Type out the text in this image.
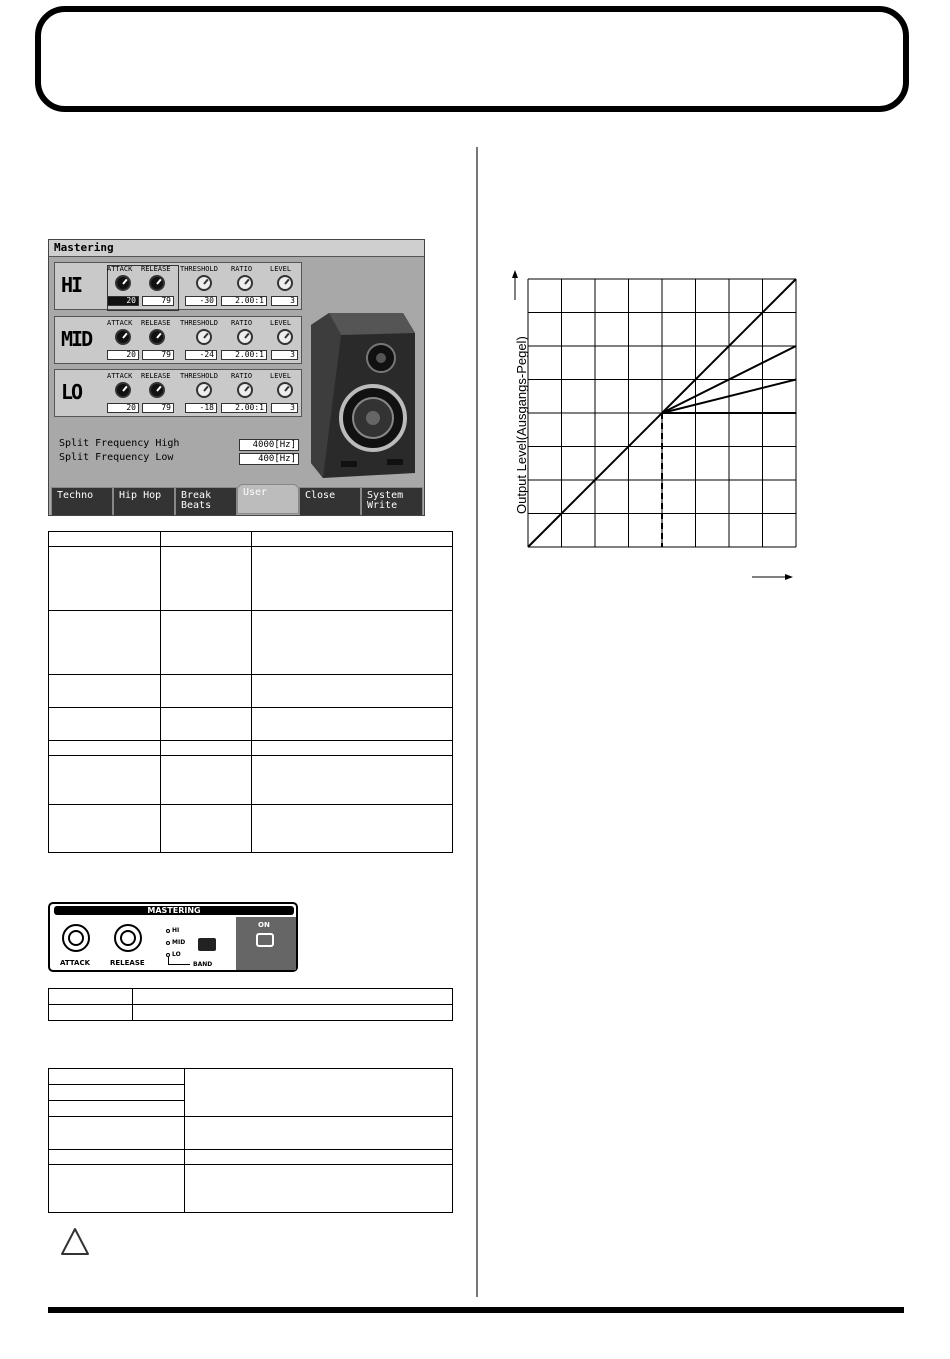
Mastering
HI
ATTACK RELEASE THRESHOLD RATIO	LEVEL
20	79	-30	2.00:1	3
MID
ATTACK RELEASE THRESHOLD RATIO	LEVEL
20	79	-24	2.00:1	3
LO
ATTACK RELEASE THRESHOLD RATIO	LEVEL
20	79	-18	2.00:1	3
Split Frequency High	4000[Hz]
Split Frequency Low	400[Hz]
Techno	Hip Hop	Break
Beats
User	Close	System
Write

MASTERING
ATTACK	RELEASE
HI
MID
LO
BAND
ON

Output Level(Ausgangs-Pegel)
